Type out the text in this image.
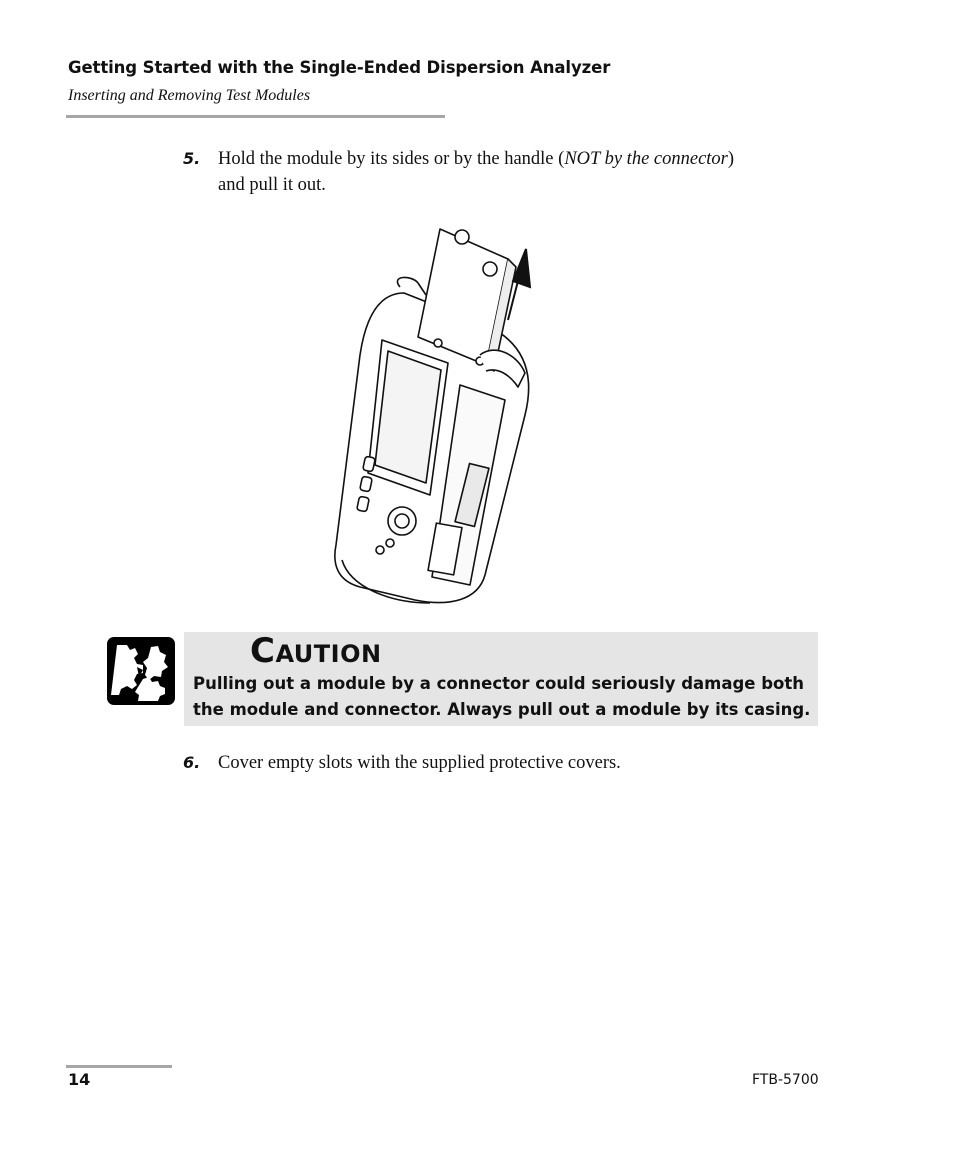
Getting Started with the Single-Ended Dispersion Analyzer
Inserting and Removing Test Modules
5. Hold the module by its sides or by the handle (NOT by the connector)
and pull it out.
Caution
Pulling out a module by a connector could seriously damage both the module and connector. Always pull out a module by its casing.
6. Cover empty slots with the supplied protective covers.
14	FTB-5700
